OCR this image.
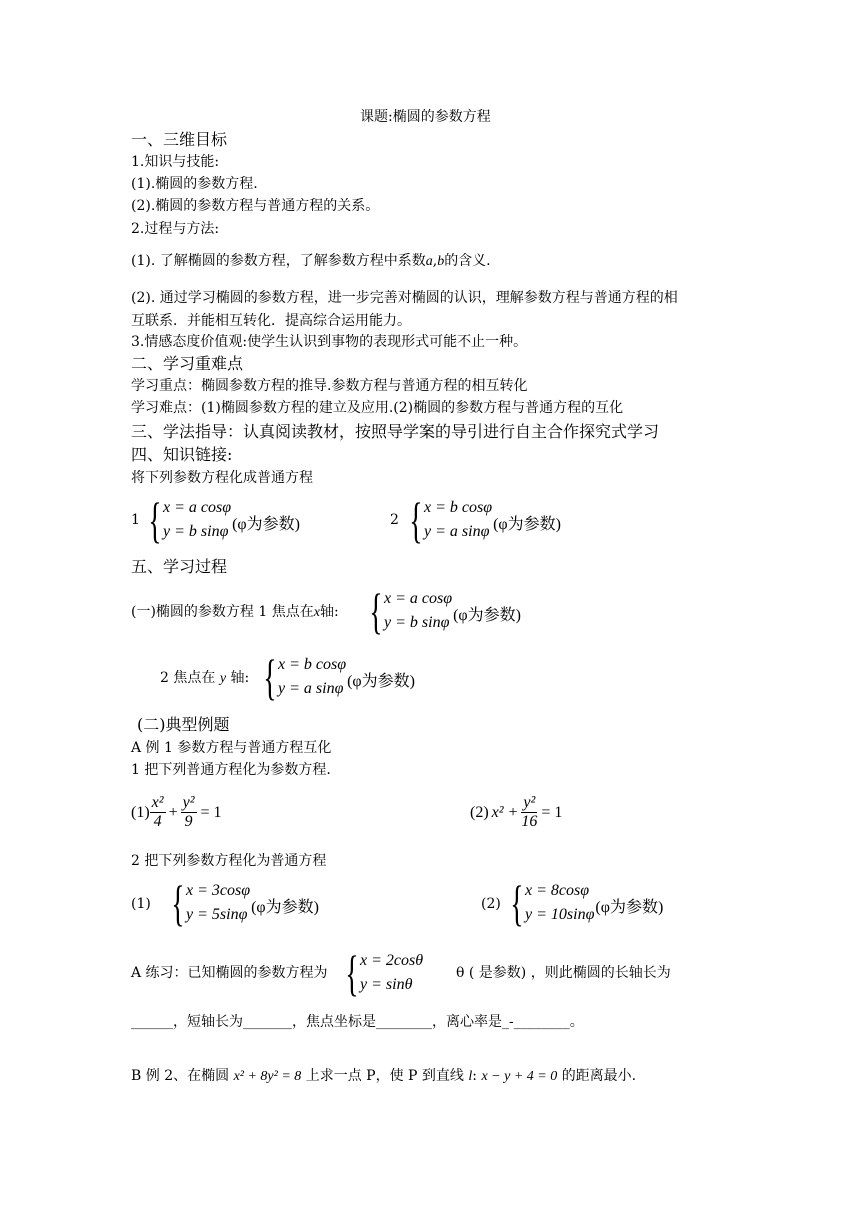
课题:椭圆的参数方程
一、三维目标
1.知识与技能:
(1).椭圆的参数方程.
(2).椭圆的参数方程与普通方程的关系。
2.过程与方法:
(1). 了解椭圆的参数方程，了解参数方程中系数a,b的含义.
(2). 通过学习椭圆的参数方程，进一步完善对椭圆的认识，理解参数方程与普通方程的相
互联系．并能相互转化．提高综合运用能力。
3.情感态度价值观:使学生认识到事物的表现形式可能不止一种。
二、学习重难点
学习重点：椭圆参数方程的推导.参数方程与普通方程的相互转化
学习难点：(1)椭圆参数方程的建立及应用.(2)椭圆的参数方程与普通方程的互化
三、学法指导：认真阅读教材，按照导学案的导引进行自主合作探究式学习
四、知识链接:
将下列参数方程化成普通方程
1 { x = a cosφ
y = b sinφ (φ为参数)	2 { x = b cosφ
y = a sinφ (φ为参数)
五、学习过程
(一)椭圆的参数方程 1 焦点在x轴: { x = a cosφ
y = b sinφ (φ为参数)
2 焦点在 y 轴: { x = b cosφ
y = a sinφ (φ为参数)
(二)典型例题
A 例 1 参数方程与普通方程互化
1 把下列普通方程化为参数方程.
$(1) \frac{\text{x²}}{4} + \frac{\text{y²}}{9} = 1$	(2) $x^2 + \frac{\text{y²}}{16} = 1$
2 把下列参数方程化为普通方程
(1) { x = 3cosφ
y = 5sinφ (φ为参数)	(2) { x = 8cosφ
y = 10sinφ (φ为参数)
A 练习：已知椭圆的参数方程为 { x = 2cosθ
y = sinθ
θ ( 是参数) ，则此椭圆的长轴长为
______，短轴长为_______，焦点坐标是________，离心率是_-________。
B 例 2、在椭圆 x² + 8y² = 8 上求一点 P，使 P 到直线 l: x − y + 4 = 0 的距离最小.
